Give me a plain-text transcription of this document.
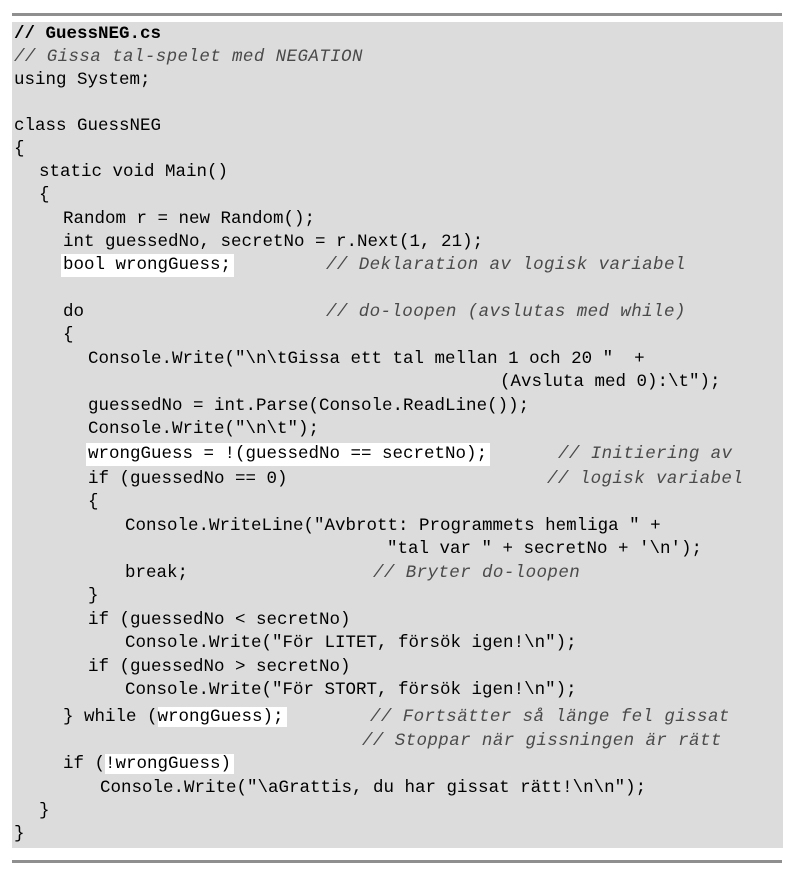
// GuessNEG.cs
// Gissa tal-spelet med NEGATION
using System;
class GuessNEG
{
static void Main()
{
Random r = new Random();
int guessedNo, secretNo = r.Next(1, 21);
bool wrongGuess;	// Deklaration av logisk variabel
do	// do-loopen (avslutas med while)
{
Console.Write("\n\tGissa ett tal mellan 1 och 20 "  +
(Avsluta med 0):\t");
guessedNo = int.Parse(Console.ReadLine());
Console.Write("\n\t");
wrongGuess = !(guessedNo == secretNo);	// Initiering av
if (guessedNo == 0)	// logisk variabel
{
Console.WriteLine("Avbrott: Programmets hemliga " +
"tal var " + secretNo + '\n');
break;	// Bryter do-loopen
}
if (guessedNo < secretNo)
Console.Write("För LITET, försök igen!\n");
if (guessedNo > secretNo)
Console.Write("För STORT, försök igen!\n");
} while (wrongGuess);	// Fortsätter så länge fel gissat
// Stoppar när gissningen är rätt
if (!wrongGuess)
Console.Write("\aGrattis, du har gissat rätt!\n\n");
}
}
